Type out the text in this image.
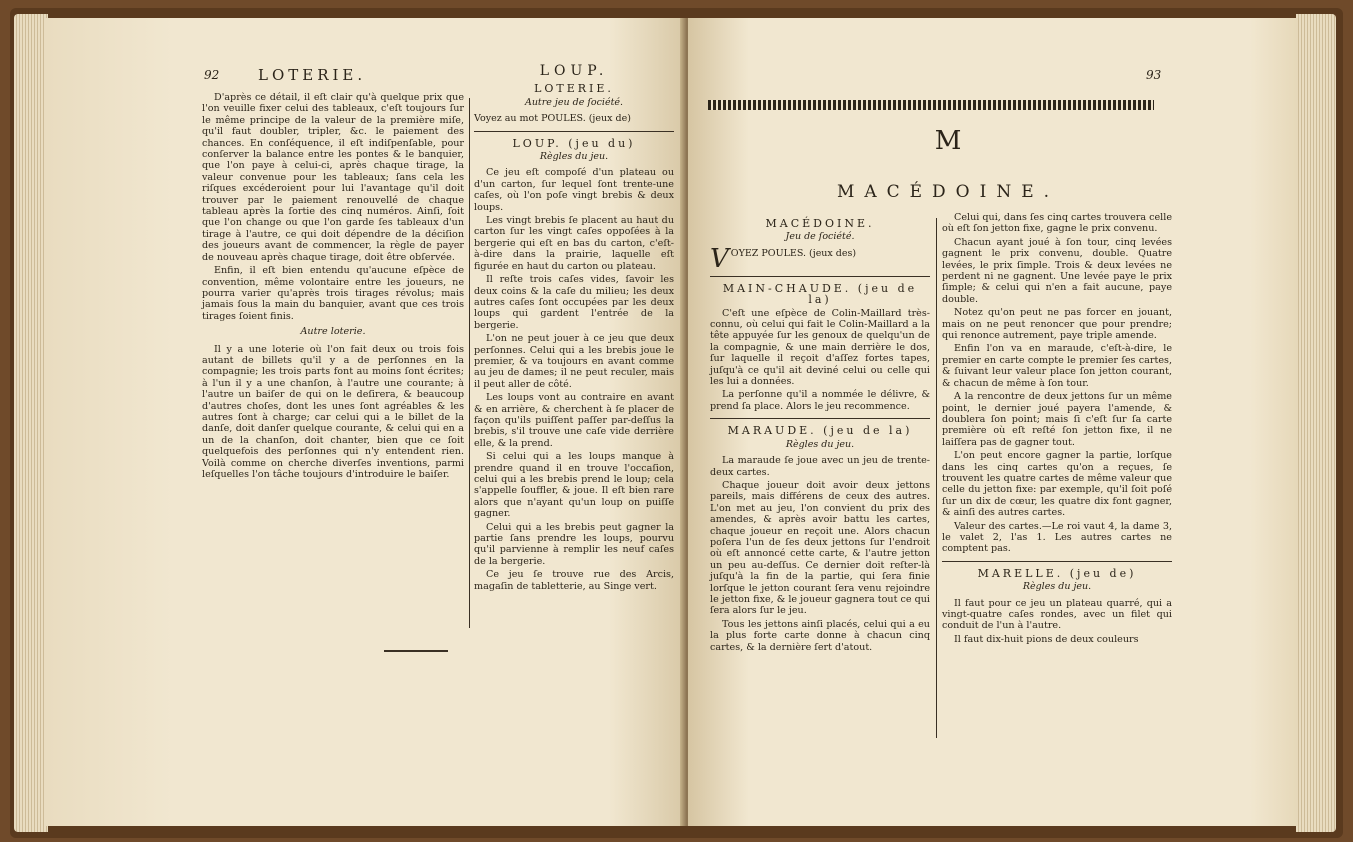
92	LOTERIE.

D'après ce détail, il eſt clair qu'à quelque prix que l'on veuille fixer celui des tableaux, c'eſt toujours ſur le même principe de la valeur de la première miſe, qu'il faut doubler, tripler, &c. le paiement des chances. En conſéquence, il eſt indiſpenſable, pour conſerver la balance entre les pontes & le banquier, que l'on paye à celui-ci, après chaque tirage, la valeur convenue pour les tableaux; ſans cela les riſques excéderoient pour lui l'avantage qu'il doit trouver par le paiement renouvellé de chaque tableau après la ſortie des cinq numéros. Ainſi, ſoit que l'on change ou que l'on garde ſes tableaux d'un tirage à l'autre, ce qui doit dépendre de la déciſion des joueurs avant de commencer, la règle de payer de nouveau après chaque tirage, doit être obſervée.

Enfin, il eſt bien entendu qu'aucune eſpèce de convention, même volontaire entre les joueurs, ne pourra varier qu'après trois tirages révolus; mais jamais ſous la main du banquier, avant que ces trois tirages ſoient finis.

Autre loterie.

Il y a une loterie où l'on fait deux ou trois fois autant de billets qu'il y a de perſonnes en la compagnie; les trois parts font au moins ſont écrites; à l'un il y a une chanſon, à l'autre une courante; à l'autre un baiſer de qui on le deſirera, & beaucoup d'autres choſes, dont les unes ſont agréables & les autres ſont à charge; car celui qui a le billet de la danſe, doit danſer quelque courante, & celui qui en a un de la chanſon, doit chanter, bien que ce ſoit quelquefois des perſonnes qui n'y entendent rien. Voilà comme on cherche diverſes inventions, parmi leſquelles l'on tâche toujours d'introduire le baiſer.

LOUP.
LOTERIE.
Autre jeu de ſociété.
Voyez au mot POULES. (jeux de)
LOUP. (jeu du)
Règles du jeu.

Ce jeu eſt compoſé d'un plateau ou d'un carton, ſur lequel ſont trente-une caſes, où l'on poſe vingt brebis & deux loups.

Les vingt brebis ſe placent au haut du carton ſur les vingt caſes oppoſées à la bergerie qui eſt en bas du carton, c'eſt-à-dire dans la prairie, laquelle eſt figurée en haut du carton ou plateau.

Il reſte trois caſes vides, ſavoir les deux coins & la caſe du milieu; les deux autres caſes ſont occupées par les deux loups qui gardent l'entrée de la bergerie.

L'on ne peut jouer à ce jeu que deux perſonnes. Celui qui a les brebis joue le premier, & va toujours en avant comme au jeu de dames; il ne peut reculer, mais il peut aller de côté.

Les loups vont au contraire en avant & en arrière, & cherchent à ſe placer de façon qu'ils puiſſent paſſer par-deſſus la brebis, s'il trouve une caſe vide derrière elle, & la prend.

Si celui qui a les loups manque à prendre quand il en trouve l'occaſion, celui qui a les brebis prend le loup; cela s'appelle ſouffler, & joue. Il eſt bien rare alors que n'ayant qu'un loup on puiſſe gagner.

Celui qui a les brebis peut gagner la partie ſans prendre les loups, pourvu qu'il parvienne à remplir les neuf caſes de la bergerie.

Ce jeu ſe trouve rue des Arcis, magaſin de tabletterie, au Singe vert.

93
M
MACÉDOINE.
MACÉDOINE.
Jeu de ſociété.
VOYEZ POULES. (jeux des)
MAIN-CHAUDE. (jeu de la)

C'eſt une eſpèce de Colin-Maillard très-connu, où celui qui fait le Colin-Maillard a la tête appuyée ſur les genoux de quelqu'un de la compagnie, & une main derrière le dos, ſur laquelle il reçoit d'aſſez fortes tapes, juſqu'à ce qu'il ait deviné celui ou celle qui les lui a données.

La perſonne qu'il a nommée le délivre, & prend ſa place. Alors le jeu recommence.

MARAUDE. (jeu de la)
Règles du jeu.

La maraude ſe joue avec un jeu de trente-deux cartes.

Chaque joueur doit avoir deux jettons pareils, mais différens de ceux des autres. L'on met au jeu, l'on convient du prix des amendes, & après avoir battu les cartes, chaque joueur en reçoit une. Alors chacun poſera l'un de ſes deux jettons ſur l'endroit où eſt annoncé cette carte, & l'autre jetton un peu au-deſſus. Ce dernier doit reſter-là juſqu'à la fin de la partie, qui ſera finie lorſque le jetton courant ſera venu rejoindre le jetton fixe, & le joueur gagnera tout ce qui ſera alors ſur le jeu.

Tous les jettons ainſi placés, celui qui a eu la plus forte carte donne à chacun cinq cartes, & la dernière ſert d'atout.

Celui qui, dans ſes cinq cartes trouvera celle où eſt ſon jetton fixe, gagne le prix convenu.

Chacun ayant joué à ſon tour, cinq levées gagnent le prix convenu, double. Quatre levées, le prix ſimple. Trois & deux levées ne perdent ni ne gagnent. Une levée paye le prix ſimple; & celui qui n'en a fait aucune, paye double.

Notez qu'on peut ne pas forcer en jouant, mais on ne peut renoncer que pour prendre; qui renonce autrement, paye triple amende.

Enfin l'on va en maraude, c'eſt-à-dire, le premier en carte compte le premier ſes cartes, & ſuivant leur valeur place ſon jetton courant, & chacun de même à ſon tour.

A la rencontre de deux jettons ſur un même point, le dernier joué payera l'amende, & doublera ſon point; mais ſi c'eſt ſur ſa carte première où eſt reſté ſon jetton fixe, il ne laiſſera pas de gagner tout.

L'on peut encore gagner la partie, lorſque dans les cinq cartes qu'on a reçues, ſe trouvent les quatre cartes de même valeur que celle du jetton fixe: par exemple, qu'il ſoit poſé ſur un dix de cœur, les quatre dix font gagner, & ainſi des autres cartes.

Valeur des cartes.—Le roi vaut 4, la dame 3, le valet 2, l'as 1. Les autres cartes ne comptent pas.

MARELLE. (jeu de)
Règles du jeu.

Il faut pour ce jeu un plateau quarré, qui a vingt-quatre caſes rondes, avec un filet qui conduit de l'un à l'autre.

Il faut dix-huit pions de deux couleurs
